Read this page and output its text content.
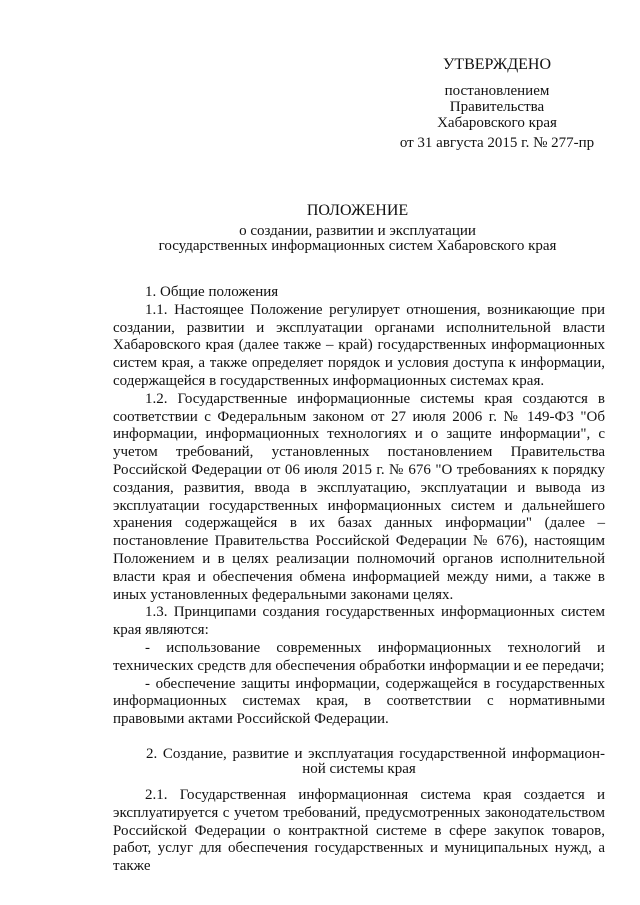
УТВЕРЖДЕНО
постановлением
Правительства
Хабаровского края
от 31 августа 2015 г. № 277-пр
ПОЛОЖЕНИЕ
о создании, развитии и эксплуатации
государственных информационных систем Хабаровского края

1. Общие положения

1.1. Настоящее Положение регулирует отношения, возникающие при создании, развитии и эксплуатации органами исполнительной власти Хабаровского края (далее также – край) государственных информационных систем края, а также определяет порядок и условия доступа к информации, содержащейся в государственных информационных системах края.

1.2. Государственные информационные системы края создаются в соответствии с Федеральным законом от 27 июля 2006 г. № 149-ФЗ "Об информации, информационных технологиях и о защите информации", с учетом требований, установленных постановлением Правительства Российской Федерации от 06 июля 2015 г. № 676 "О требованиях к порядку создания, развития, ввода в эксплуатацию, эксплуатации и вывода из эксплуатации государственных информационных систем и дальнейшего хранения содержащейся в их базах данных информации" (далее – постановление Правительства Российской Федерации № 676), настоящим Положением и в целях реализации полномочий органов исполнительной власти края и обеспечения обмена информацией между ними, а также в иных установленных федеральными законами целях.

1.3. Принципами создания государственных информационных систем края являются:

- использование современных информационных технологий и технических средств для обеспечения обработки информации и ее передачи;

- обеспечение защиты информации, содержащейся в государственных информационных системах края, в соответствии с нормативными правовыми актами Российской Федерации.

2. Создание, развитие и эксплуатация государственной информацион-
ной системы края

2.1. Государственная информационная система края создается и эксплуатируется с учетом требований, предусмотренных законодательством Российской Федерации о контрактной системе в сфере закупок товаров, работ, услуг для обеспечения государственных и муниципальных нужд, а также
